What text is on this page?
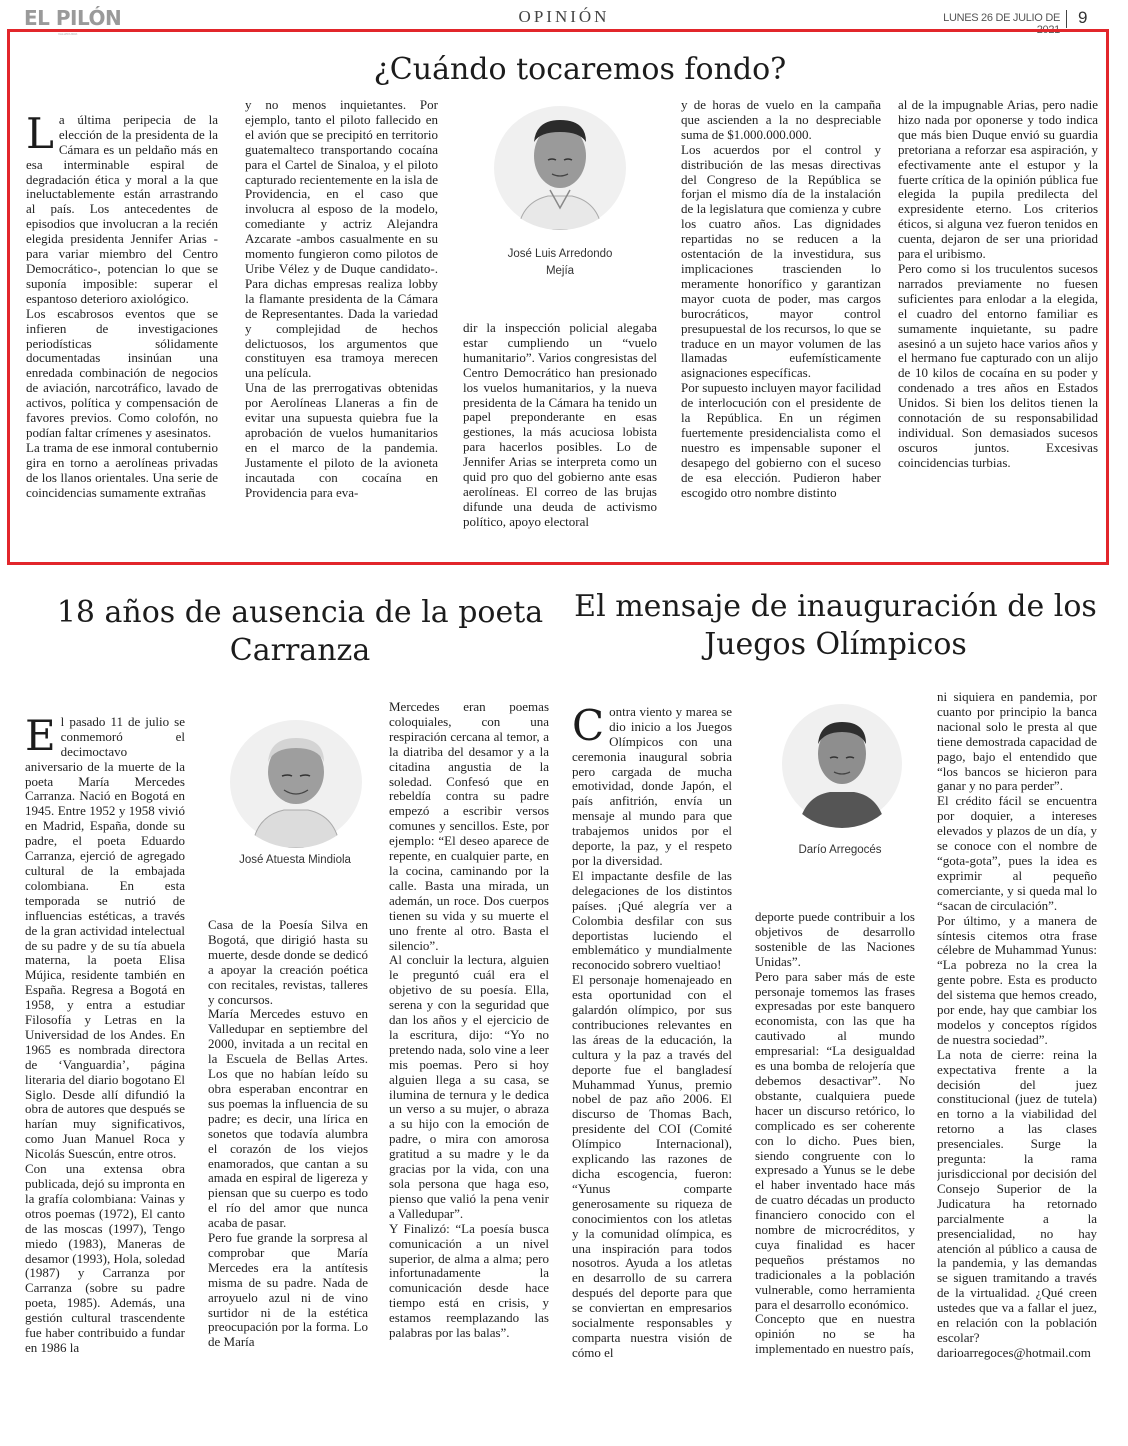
EL PILÓN
VALLEDUPAR
OPINIÓN	LUNES 26 DE JULIO DE 2021
9
¿Cuándo tocaremos fondo?

La última peripecia de la elección de la presidenta de la Cámara es un peldaño más en esa interminable espiral de degradación ética y moral a la que ineluctablemente están arrastrando al país. Los antecedentes de episodios que involucran a la recién elegida presidenta Jennifer Arias -para variar miembro del Centro Democrático-, potencian lo que se suponía imposible: superar el espantoso deterioro axiológico.
Los escabrosos eventos que se infieren de investigaciones periodísticas sólidamente documentadas insinúan una enredada combinación de negocios de aviación, narcotráfico, lavado de activos, política y compensación de favores previos. Como colofón, no podían faltar crímenes y asesinatos.
La trama de ese inmoral contubernio gira en torno a aerolíneas privadas de los llanos orientales. Una serie de coincidencias sumamente extrañas

y no menos inquietantes. Por ejemplo, tanto el piloto fallecido en el avión que se precipitó en territorio guatemalteco transportando cocaína para el Cartel de Sinaloa, y el piloto capturado recientemente en la isla de Providencia, en el caso que involucra al esposo de la modelo, comediante y actriz Alejandra Azcarate -ambos casualmente en su momento fungieron como pilotos de Uribe Vélez y de Duque candidato-. Para dichas empresas realiza lobby la flamante presidenta de la Cámara de Representantes. Dada la variedad y complejidad de hechos delictuosos, los argumentos que constituyen esa tramoya merecen una película.
Una de las prerrogativas obtenidas por Aerolíneas Llaneras a fin de evitar una supuesta quiebra fue la aprobación de vuelos humanitarios en el marco de la pandemia. Justamente el piloto de la avioneta incautada con cocaína en Providencia para eva-
José Luis Arredondo
Mejía
dir la inspección policial alegaba estar cumpliendo un “vuelo humanitario”. Varios congresistas del Centro Democrático han presionado los vuelos humanitarios, y la nueva presidenta de la Cámara ha tenido un papel preponderante en esas gestiones, la más acuciosa lobista para hacerlos posibles. Lo de Jennifer Arias se interpreta como un quid pro quo del gobierno ante esas aerolíneas. El correo de las brujas difunde una deuda de activismo político, apoyo electoral
y de horas de vuelo en la campaña que ascienden a la no despreciable suma de $1.000.000.000.
Los acuerdos por el control y distribución de las mesas directivas del Congreso de la República se forjan el mismo día de la instalación de la legislatura que comienza y cubre los cuatro años. Las dignidades repartidas no se reducen a la ostentación de la investidura, sus implicaciones trascienden lo meramente honorífico y garantizan mayor cuota de poder, mas cargos burocráticos, mayor control presupuestal de los recursos, lo que se traduce en un mayor volumen de las llamadas eufemísticamente asignaciones específicas.
Por supuesto incluyen mayor facilidad de interlocución con el presidente de la República. En un régimen fuertemente presidencialista como el nuestro es impensable suponer el desapego del gobierno con el suceso de esa elección. Pudieron haber escogido otro nombre distinto
al de la impugnable Arias, pero nadie hizo nada por oponerse y todo indica que más bien Duque envió su guardia pretoriana a reforzar esa aspiración, y efectivamente ante el estupor y la fuerte crítica de la opinión pública fue elegida la pupila predilecta del expresidente eterno. Los criterios éticos, si alguna vez fueron tenidos en cuenta, dejaron de ser una prioridad para el uribismo.
Pero como si los truculentos sucesos narrados previamente no fuesen suficientes para enlodar a la elegida, el cuadro del entorno familiar es sumamente inquietante, su padre asesinó a un sujeto hace varios años y el hermano fue capturado con un alijo de 10 kilos de cocaína en su poder y condenado a tres años en Estados Unidos. Si bien los delitos tienen la connotación de su responsabilidad individual. Son demasiados sucesos oscuros juntos. Excesivas coincidencias turbias.
18 años de ausencia de la poeta Carranza

El pasado 11 de julio se conmemoró el decimoctavo aniversario de la muerte de la poeta María Mercedes Carranza. Nació en Bogotá en 1945. Entre 1952 y 1958 vivió en Madrid, España, donde su padre, el poeta Eduardo Carranza, ejerció de agregado cultural de la embajada colombiana. En esta temporada se nutrió de influencias estéticas, a través de la gran actividad intelectual de su padre y de su tía abuela materna, la poeta Elisa Mújica, residente también en España. Regresa a Bogotá en 1958, y entra a estudiar Filosofía y Letras en la Universidad de los Andes. En 1965 es nombrada directora de ‘Vanguardia’, página literaria del diario bogotano El Siglo. Desde allí difundió la obra de autores que después se harían muy significativos, como Juan Manuel Roca y Nicolás Suescún, entre otros.
Con una extensa obra publicada, dejó su impronta en la grafía colombiana: Vainas y otros poemas (1972), El canto de las moscas (1997), Tengo miedo (1983), Maneras de desamor (1993), Hola, soledad (1987) y Carranza por Carranza (sobre su padre poeta, 1985). Además, una gestión cultural trascendente fue haber contribuido a fundar en 1986 la

José Atuesta Mindiola
Casa de la Poesía Silva en Bogotá, que dirigió hasta su muerte, desde donde se dedicó a apoyar la creación poética con recitales, revistas, talleres y concursos.
María Mercedes estuvo en Valledupar en septiembre del 2000, invitada a un recital en la Escuela de Bellas Artes. Los que no habían leído su obra esperaban encontrar en sus poemas la influencia de su padre; es decir, una lírica en sonetos que todavía alumbra el corazón de los viejos enamorados, que cantan a su amada en espiral de ligereza y piensan que su cuerpo es todo el río del amor que nunca acaba de pasar.
Pero fue grande la sorpresa al comprobar que María Mercedes era la antítesis misma de su padre. Nada de arroyuelo azul ni de vino surtidor ni de la estética preocupación por la forma. Lo de María
Mercedes eran poemas coloquiales, con una respiración cercana al temor, a la diatriba del desamor y a la citadina angustia de la soledad. Confesó que en rebeldía contra su padre empezó a escribir versos comunes y sencillos. Este, por ejemplo: “El deseo aparece de repente, en cualquier parte, en la cocina, caminando por la calle. Basta una mirada, un ademán, un roce. Dos cuerpos tienen su vida y su muerte el uno frente al otro. Basta el silencio”.
Al concluir la lectura, alguien le preguntó cuál era el objetivo de su poesía. Ella, serena y con la seguridad que dan los años y el ejercicio de la escritura, dijo: “Yo no pretendo nada, solo vine a leer mis poemas. Pero si hoy alguien llega a su casa, se ilumina de ternura y le dedica un verso a su mujer, o abraza a su hijo con la emoción de padre, o mira con amorosa gratitud a su madre y le da gracias por la vida, con una sola persona que haga eso, pienso que valió la pena venir a Valledupar”.
Y Finalizó: “La poesía busca comunicación a un nivel superior, de alma a alma; pero infortunadamente la comunicación desde hace tiempo está en crisis, y estamos reemplazando las palabras por las balas”.
El mensaje de inauguración de los Juegos Olímpicos

Contra viento y marea se dio inicio a los Juegos Olímpicos con una ceremonia inaugural sobria pero cargada de mucha emotividad, donde Japón, el país anfitrión, envía un mensaje al mundo para que trabajemos unidos por el deporte, la paz, y el respeto por la diversidad.
El impactante desfile de las delegaciones de los distintos países. ¡Qué alegría ver a Colombia desfilar con sus deportistas luciendo el emblemático y mundialmente reconocido sobrero vueltiao!
El personaje homenajeado en esta oportunidad con el galardón olímpico, por sus contribuciones relevantes en las áreas de la educación, la cultura y la paz a través del deporte fue el bangladesí Muhammad Yunus, premio nobel de paz año 2006. El discurso de Thomas Bach, presidente del COI (Comité Olímpico Internacional), explicando las razones de dicha escogencia, fueron: “Yunus comparte generosamente su riqueza de conocimientos con los atletas y la comunidad olímpica, es una inspiración para todos nosotros. Ayuda a los atletas en desarrollo de su carrera después del deporte para que se conviertan en empresarios socialmente responsables y comparta nuestra visión de cómo el

Darío Arregocés
deporte puede contribuir a los objetivos de desarrollo sostenible de las Naciones Unidas”.
Pero para saber más de este personaje tomemos las frases expresadas por este banquero economista, con las que ha cautivado al mundo empresarial: “La desigualdad es una bomba de relojería que debemos desactivar”. No obstante, cualquiera puede hacer un discurso retórico, lo complicado es ser coherente con lo dicho. Pues bien, siendo congruente con lo expresado a Yunus se le debe el haber inventado hace más de cuatro décadas un producto financiero conocido con el nombre de microcréditos, y cuya finalidad es hacer pequeños préstamos no tradicionales a la población vulnerable, como herramienta para el desarrollo económico.
Concepto que en nuestra opinión no se ha implementado en nuestro país,
ni siquiera en pandemia, por cuanto por principio la banca nacional solo le presta al que tiene demostrada capacidad de pago, bajo el entendido que “los bancos se hicieron para ganar y no para perder”.
El crédito fácil se encuentra por doquier, a intereses elevados y plazos de un día, y se conoce con el nombre de “gota-gota”, pues la idea es exprimir al pequeño comerciante, y si queda mal lo “sacan de circulación”.
Por último, y a manera de síntesis citemos otra frase célebre de Muhammad Yunus: “La pobreza no la crea la gente pobre. Esta es producto del sistema que hemos creado, por ende, hay que cambiar los modelos y conceptos rígidos de nuestra sociedad”.
La nota de cierre: reina la expectativa frente a la decisión del juez constitucional (juez de tutela) en torno a la viabilidad del retorno a las clases presenciales. Surge la pregunta: la rama jurisdiccional por decisión del Consejo Superior de la Judicatura ha retornado parcialmente a la presencialidad, no hay atención al público a causa de la pandemia, y las demandas se siguen tramitando a través de la virtualidad. ¿Qué creen ustedes que va a fallar el juez, en relación con la población escolar? darioarregoces@hotmail.com
